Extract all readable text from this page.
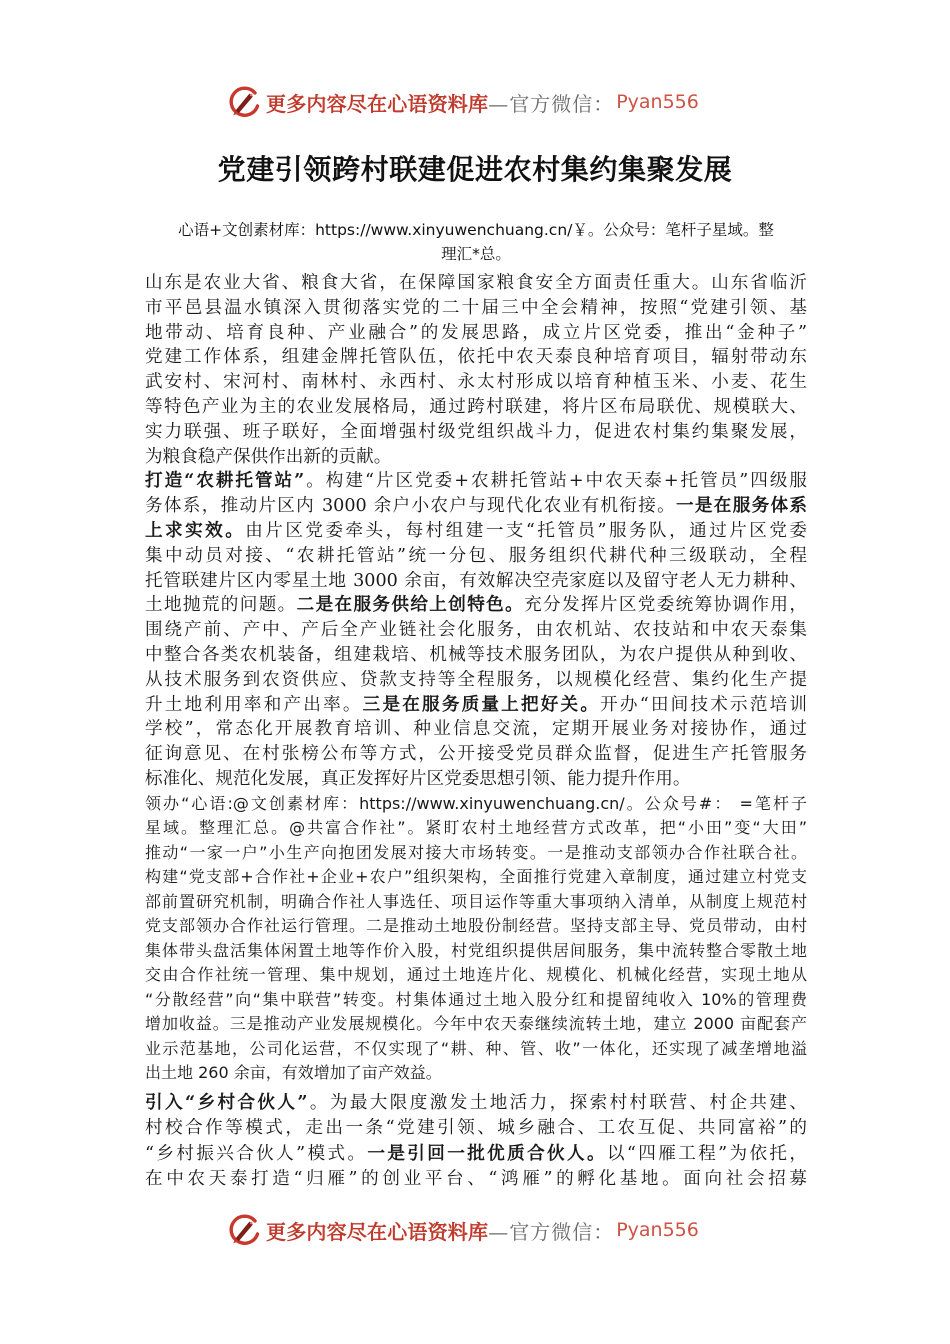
更多内容尽在心语资料库 —官方微信： Pyan556
党建引领跨村联建促进农村集约集聚发展
心语+文创素材库：https://www.xinyuwenchuang.cn/￥。公众号：笔杆子星域。整
理汇*总。
山东是农业大省、粮食大省，在保障国家粮食安全方面责任重大。山东省临沂
市平邑县温水镇深入贯彻落实党的二十届三中全会精神，按照“党建引领、基
地带动、培育良种、产业融合”的发展思路，成立片区党委，推出“金种子”
党建工作体系，组建金牌托管队伍，依托中农天泰良种培育项目，辐射带动东
武安村、宋河村、南林村、永西村、永太村形成以培育种植玉米、小麦、花生
等特色产业为主的农业发展格局，通过跨村联建，将片区布局联优、规模联大、
实力联强、班子联好，全面增强村级党组织战斗力，促进农村集约集聚发展，
为粮食稳产保供作出新的贡献。
打造“农耕托管站”。构建“片区党委+农耕托管站+中农天泰+托管员”四级服
务体系，推动片区内 3000 余户小农户与现代化农业有机衔接。一是在服务体系
上求实效。由片区党委牵头，每村组建一支“托管员”服务队，通过片区党委
集中动员对接、“农耕托管站”统一分包、服务组织代耕代种三级联动，全程
托管联建片区内零星土地 3000 余亩，有效解决空壳家庭以及留守老人无力耕种、
土地抛荒的问题。二是在服务供给上创特色。充分发挥片区党委统筹协调作用，
围绕产前、产中、产后全产业链社会化服务，由农机站、农技站和中农天泰集
中整合各类农机装备，组建栽培、机械等技术服务团队，为农户提供从种到收、
从技术服务到农资供应、贷款支持等全程服务，以规模化经营、集约化生产提
升土地利用率和产出率。三是在服务质量上把好关。开办“田间技术示范培训
学校”，常态化开展教育培训、种业信息交流，定期开展业务对接协作，通过
征询意见、在村张榜公布等方式，公开接受党员群众监督，促进生产托管服务
标准化、规范化发展，真正发挥好片区党委思想引领、能力提升作用。
领办“心语:@文创素材库：https://www.xinyuwenchuang.cn/。公众号#： =笔杆子
星域。整理汇总。@共富合作社”。紧盯农村土地经营方式改革，把“小田”变“大田”
推动“一家一户”小生产向抱团发展对接大市场转变。一是推动支部领办合作社联合社。
构建“党支部+合作社+企业+农户”组织架构，全面推行党建入章制度，通过建立村党支
部前置研究机制，明确合作社人事选任、项目运作等重大事项纳入清单，从制度上规范村
党支部领办合作社运行管理。二是推动土地股份制经营。坚持支部主导、党员带动，由村
集体带头盘活集体闲置土地等作价入股，村党组织提供居间服务，集中流转整合零散土地
交由合作社统一管理、集中规划，通过土地连片化、规模化、机械化经营，实现土地从
“分散经营”向“集中联营”转变。村集体通过土地入股分红和提留纯收入 10%的管理费
增加收益。三是推动产业发展规模化。今年中农天泰继续流转土地，建立 2000 亩配套产
业示范基地，公司化运营，不仅实现了“耕、种、管、收”一体化，还实现了减垄增地溢
出土地 260 余亩，有效增加了亩产效益。
引入“乡村合伙人”。为最大限度激发土地活力，探索村村联营、村企共建、
村校合作等模式，走出一条“党建引领、城乡融合、工农互促、共同富裕”的
“乡村振兴合伙人”模式。一是引回一批优质合伙人。以“四雁工程”为依托，
在中农天泰打造“归雁”的创业平台、“鸿雁”的孵化基地。面向社会招募
更多内容尽在心语资料库 —官方微信： Pyan556
